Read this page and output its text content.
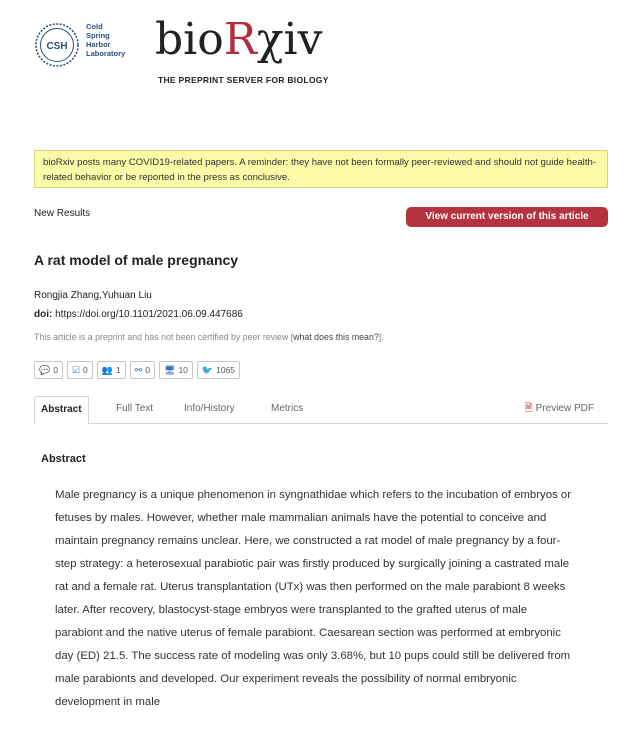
CSH
Cold
Spring
Harbor
Laboratory bioRχiv
THE PREPRINT SERVER FOR BIOLOGY
bioRxiv posts many COVID19-related papers. A reminder: they have not been formally peer-reviewed and should not guide health-related behavior or be reported in the press as conclusive.
New Results	View current version of this article
A rat model of male pregnancy
Rongjia Zhang,Yuhuan Liu
doi: https://doi.org/10.1101/2021.06.09.447686
This article is a preprint and has not been certified by peer review [what does this mean?].
💬 0 ☑ 0 👥 1 ⚯ 0 🖥 10 🐦 1065
Abstract	Full Text	Info/History	Metrics	🗎 Preview PDF
Abstract
Male pregnancy is a unique phenomenon in syngnathidae which refers to the incubation of embryos or fetuses by males. However, whether male mammalian animals have the potential to conceive and maintain pregnancy remains unclear. Here, we constructed a rat model of male pregnancy by a four-step strategy: a heterosexual parabiotic pair was firstly produced by surgically joining a castrated male rat and a female rat. Uterus transplantation (UTx) was then performed on the male parabiont 8 weeks later. After recovery, blastocyst-stage embryos were transplanted to the grafted uterus of male parabiont and the native uterus of female parabiont. Caesarean section was performed at embryonic day (ED) 21.5. The success rate of modeling was only 3.68%, but 10 pups could still be delivered from male parabionts and developed. Our experiment reveals the possibility of normal embryonic development in male
